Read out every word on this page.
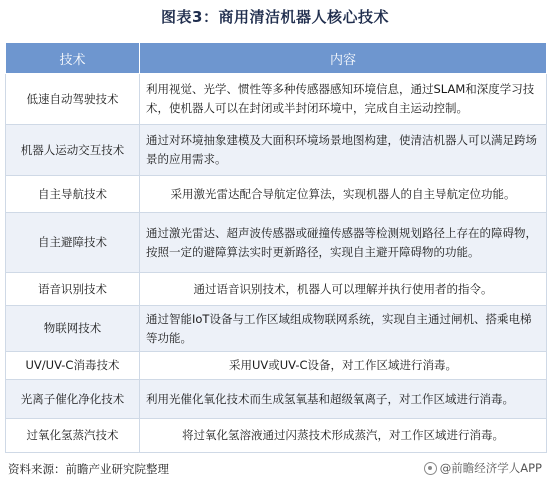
图表3：商用清洁机器人核心技术
技术	内容
低速自动驾驶技术	利用视觉、光学、惯性等多种传感器感知环境信息，通过SLAM和深度学习技术，使机器人可以在封闭或半封闭环境中，完成自主运动控制。
机器人运动交互技术	通过对环境抽象建模及大面积环境场景地图构建，使清洁机器人可以满足跨场景的应用需求。
自主导航技术	采用激光雷达配合导航定位算法，实现机器人的自主导航定位功能。
自主避障技术	通过激光雷达、超声波传感器或碰撞传感器等检测规划路径上存在的障碍物，按照一定的避障算法实时更新路径，实现自主避开障碍物的功能。
语音识别技术	通过语音识别技术，机器人可以理解并执行使用者的指令。
物联网技术	通过智能IoT设备与工作区域组成物联网系统，实现自主通过闸机、搭乘电梯等功能。
UV/UV-C消毒技术	采用UV或UV-C设备，对工作区域进行消毒。
光离子催化净化技术	利用光催化氧化技术而生成氢氧基和超级氧离子，对工作区域进行消毒。
过氧化氢蒸汽技术	将过氧化氢溶液通过闪蒸技术形成蒸汽，对工作区域进行消毒。
资料来源：前瞻产业研究院整理	@前瞻经济学人APP
